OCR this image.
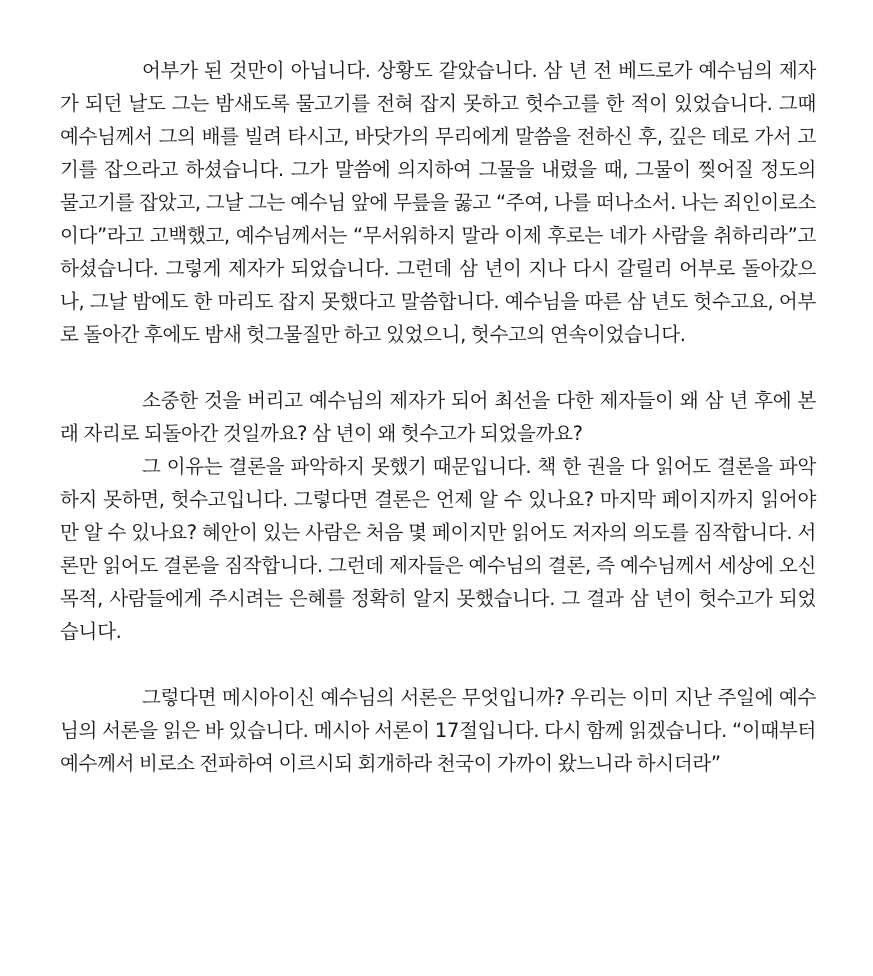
어부가 된 것만이 아닙니다. 상황도 같았습니다. 삼 년 전 베드로가 예수님의 제자가 되던 날도 그는 밤새도록 물고기를 전혀 잡지 못하고 헛수고를 한 적이 있었습니다. 그때 예수님께서 그의 배를 빌려 타시고, 바닷가의 무리에게 말씀을 전하신 후, 깊은 데로 가서 고기를 잡으라고 하셨습니다. 그가 말씀에 의지하여 그물을 내렸을 때, 그물이 찢어질 정도의 물고기를 잡았고, 그날 그는 예수님 앞에 무릎을 꿇고 “주여, 나를 떠나소서. 나는 죄인이로소이다”라고 고백했고, 예수님께서는 “무서워하지 말라 이제 후로는 네가 사람을 취하리라”고 하셨습니다. 그렇게 제자가 되었습니다. 그런데 삼 년이 지나 다시 갈릴리 어부로 돌아갔으나, 그날 밤에도 한 마리도 잡지 못했다고 말씀합니다. 예수님을 따른 삼 년도 헛수고요, 어부로 돌아간 후에도 밤새 헛그물질만 하고 있었으니, 헛수고의 연속이었습니다.

소중한 것을 버리고 예수님의 제자가 되어 최선을 다한 제자들이 왜 삼 년 후에 본래 자리로 되돌아간 것일까요? 삼 년이 왜 헛수고가 되었을까요?

그 이유는 결론을 파악하지 못했기 때문입니다. 책 한 권을 다 읽어도 결론을 파악하지 못하면, 헛수고입니다. 그렇다면 결론은 언제 알 수 있나요? 마지막 페이지까지 읽어야만 알 수 있나요? 혜안이 있는 사람은 처음 몇 페이지만 읽어도 저자의 의도를 짐작합니다. 서론만 읽어도 결론을 짐작합니다. 그런데 제자들은 예수님의 결론, 즉 예수님께서 세상에 오신 목적, 사람들에게 주시려는 은혜를 정확히 알지 못했습니다. 그 결과 삼 년이 헛수고가 되었습니다.

그렇다면 메시아이신 예수님의 서론은 무엇입니까? 우리는 이미 지난 주일에 예수님의 서론을 읽은 바 있습니다. 메시아 서론이 17절입니다. 다시 함께 읽겠습니다. “이때부터 예수께서 비로소 전파하여 이르시되 회개하라 천국이 가까이 왔느니라 하시더라”
